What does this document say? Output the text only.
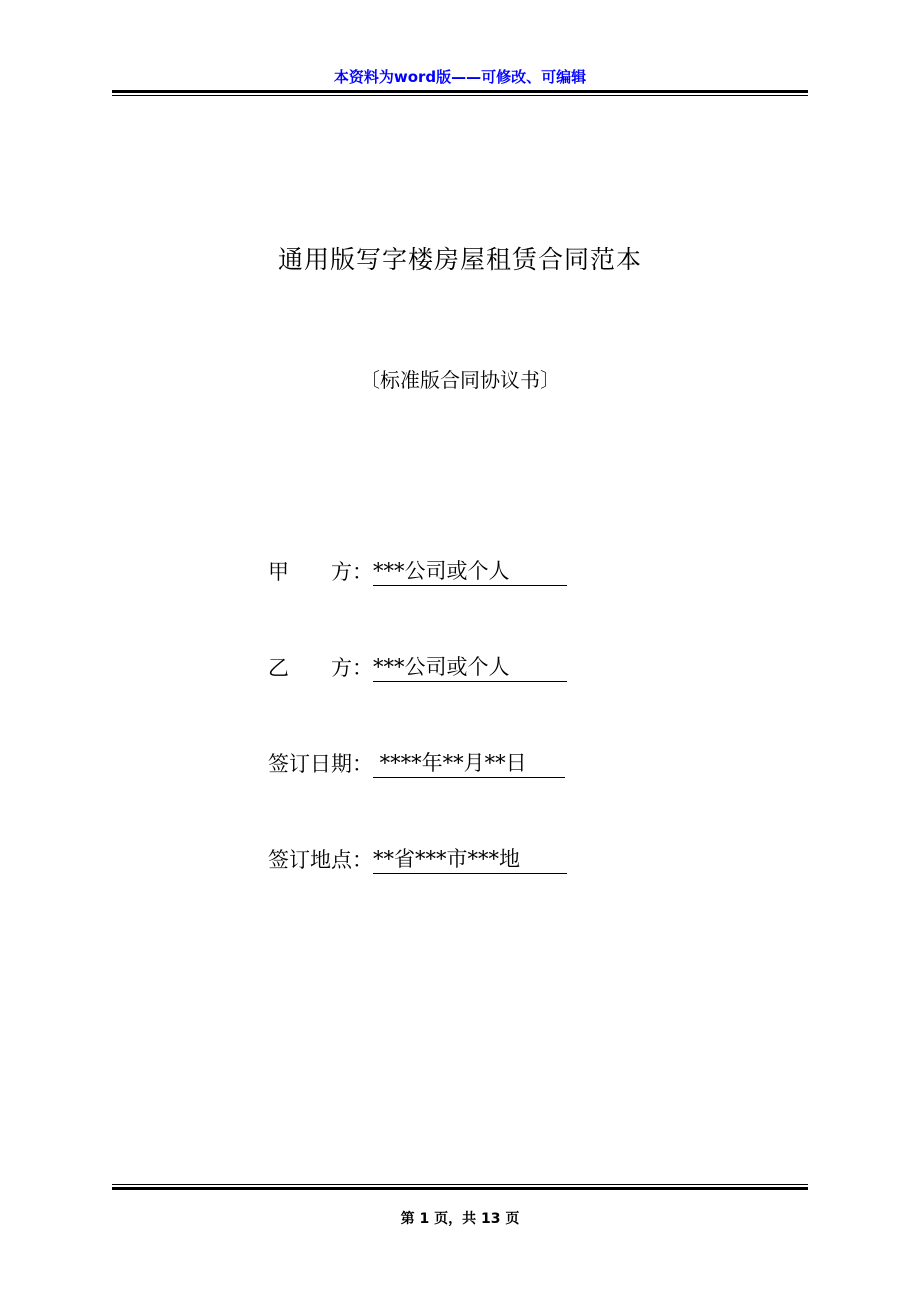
本资料为word版——可修改、可编辑
通用版写字楼房屋租赁合同范本
〔标准版合同协议书〕
甲　　方： ***公司或个人
乙　　方： ***公司或个人
签订日期： ****年**月**日
签订地点： **省***市***地
第 1 页，共 13 页
